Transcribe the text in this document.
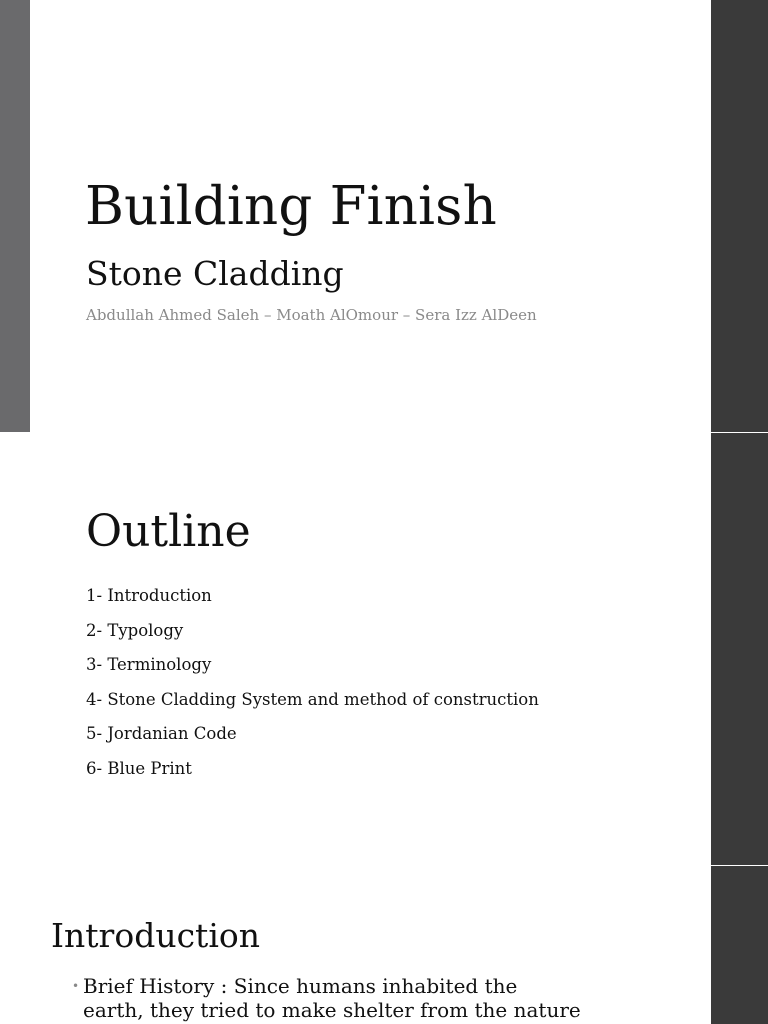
Building Finish
Stone Cladding

Abdullah Ahmed Saleh – Moath AlOmour – Sera Izz AlDeen

Outline
1- Introduction
2- Typology
3- Terminology
4- Stone Cladding System and method of construction
5- Jordanian Code
6- Blue Print
Introduction

• Brief History : Since humans inhabited the
earth, they tried to make shelter from the nature
